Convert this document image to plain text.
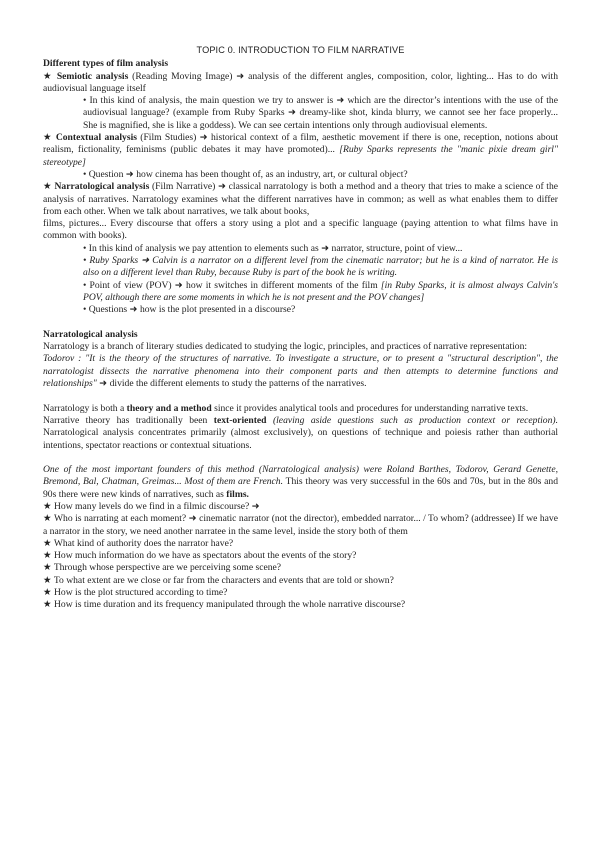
TOPIC 0. INTRODUCTION TO FILM NARRATIVE

Different types of film analysis

★ Semiotic analysis (Reading Moving Image) ➜ analysis of the different angles, composition, color, lighting... Has to do with audiovisual language itself

• In this kind of analysis, the main question we try to answer is ➜ which are the director’s intentions with the use of the audiovisual language? (example from Ruby Sparks ➜ dreamy-like shot, kinda blurry, we cannot see her face properly... She is magnified, she is like a goddess). We can see certain intentions only through audiovisual elements.

★ Contextual analysis (Film Studies) ➜ historical context of a film, aesthetic movement if there is one, reception, notions about realism, fictionality, feminisms (public debates it may have promoted)... [Ruby Sparks represents the "manic pixie dream girl" stereotype]

• Question ➜ how cinema has been thought of, as an industry, art, or cultural object?

★ Narratological analysis (Film Narrative) ➜ classical narratology is both a method and a theory that tries to make a science of the analysis of narratives. Narratology examines what the different narratives have in common; as well as what enables them to differ from each other. When we talk about narratives, we talk about books,

films, pictures... Every discourse that offers a story using a plot and a specific language (paying attention to what films have in common with books).

• In this kind of analysis we pay attention to elements such as ➜ narrator, structure, point of view...

• Ruby Sparks ➜ Calvin is a narrator on a different level from the cinematic narrator; but he is a kind of narrator. He is also on a different level than Ruby, because Ruby is part of the book he is writing.

• Point of view (POV) ➜ how it switches in different moments of the film [in Ruby Sparks, it is almost always Calvin's POV, although there are some moments in which he is not present and the POV changes]

• Questions ➜ how is the plot presented in a discourse?

Narratological analysis

Narratology is a branch of literary studies dedicated to studying the logic, principles, and practices of narrative representation:

Todorov : "It is the theory of the structures of narrative. To investigate a structure, or to present a "structural description", the narratologist dissects the narrative phenomena into their component parts and then attempts to determine functions and relationships" ➜ divide the different elements to study the patterns of the narratives.

Narratology is both a theory and a method since it provides analytical tools and procedures for understanding narrative texts.

Narrative theory has traditionally been text-oriented (leaving aside questions such as production context or reception). Narratological analysis concentrates primarily (almost exclusively), on questions of technique and poiesis rather than authorial intentions, spectator reactions or contextual situations.

One of the most important founders of this method (Narratological analysis) were Roland Barthes, Todorov, Gerard Genette, Bremond, Bal, Chatman, Greimas... Most of them are French. This theory was very successful in the 60s and 70s, but in the 80s and 90s there were new kinds of narratives, such as films.

★ How many levels do we find in a filmic discourse? ➜

★ Who is narrating at each moment? ➜ cinematic narrator (not the director), embedded narrator... / To whom? (addressee) If we have a narrator in the story, we need another narratee in the same level, inside the story both of them

★ What kind of authority does the narrator have?

★ How much information do we have as spectators about the events of the story?

★ Through whose perspective are we perceiving some scene?

★ To what extent are we close or far from the characters and events that are told or shown?

★ How is the plot structured according to time?

★ How is time duration and its frequency manipulated through the whole narrative discourse?
